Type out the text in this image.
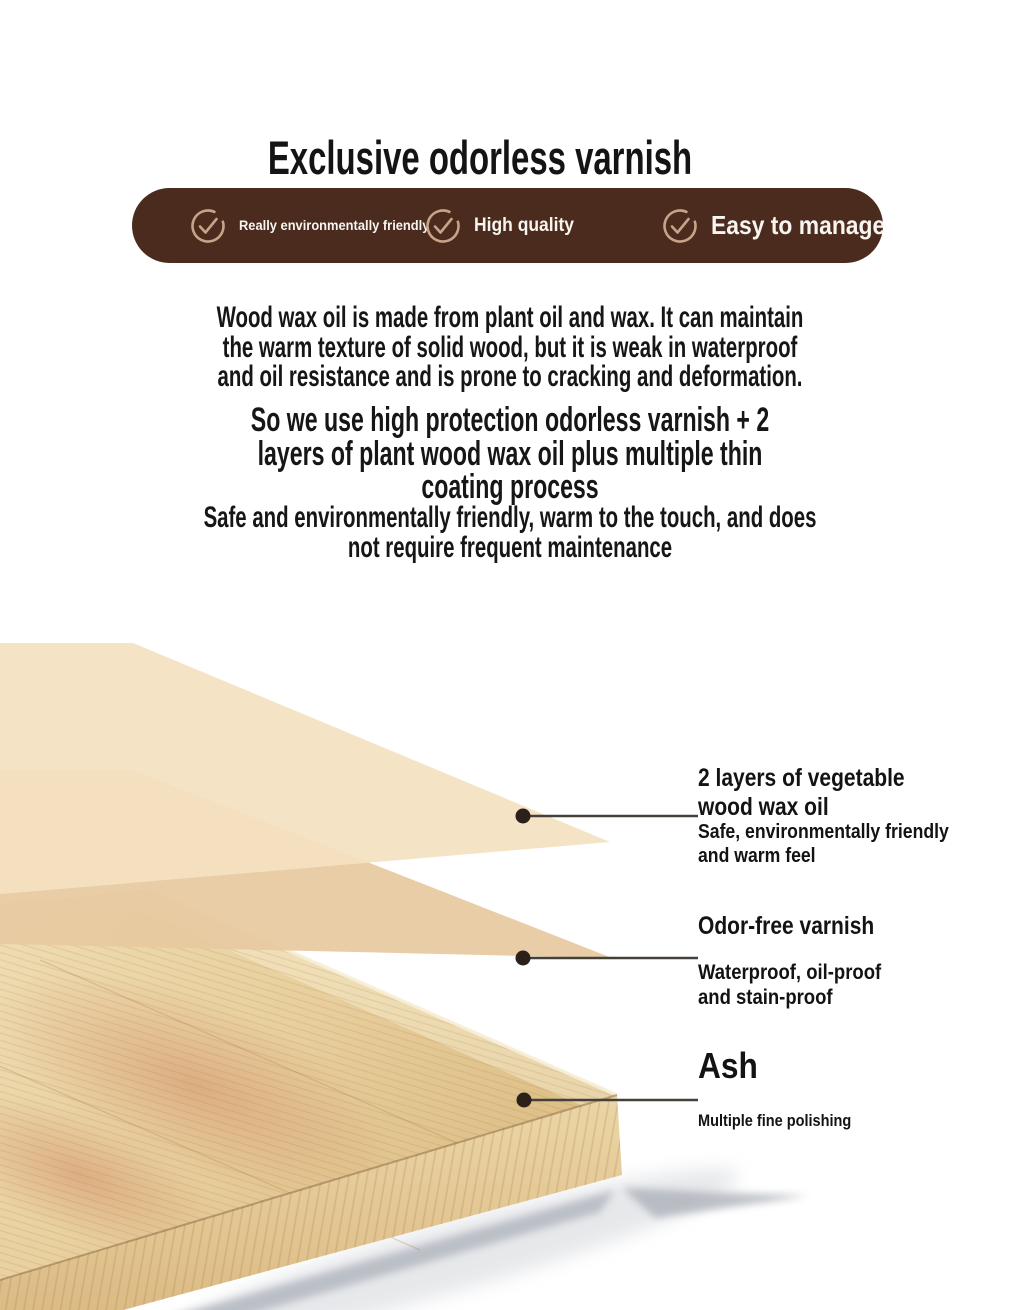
Exclusive odorless varnish
Really environmentally friendly High quality	Easy to manage
Wood wax oil is made from plant oil and wax. It can maintain
the warm texture of solid wood, but it is weak in waterproof
and oil resistance and is prone to cracking and deformation.
So we use high protection odorless varnish + 2
layers of plant wood wax oil plus multiple thin
coating process
Safe and environmentally friendly, warm to the touch, and does
not require frequent maintenance
2 layers of vegetable
wood wax oil
Safe, environmentally friendly
and warm feel
Odor-free varnish
Waterproof, oil-proof
and stain-proof
Ash
Multiple fine polishing
